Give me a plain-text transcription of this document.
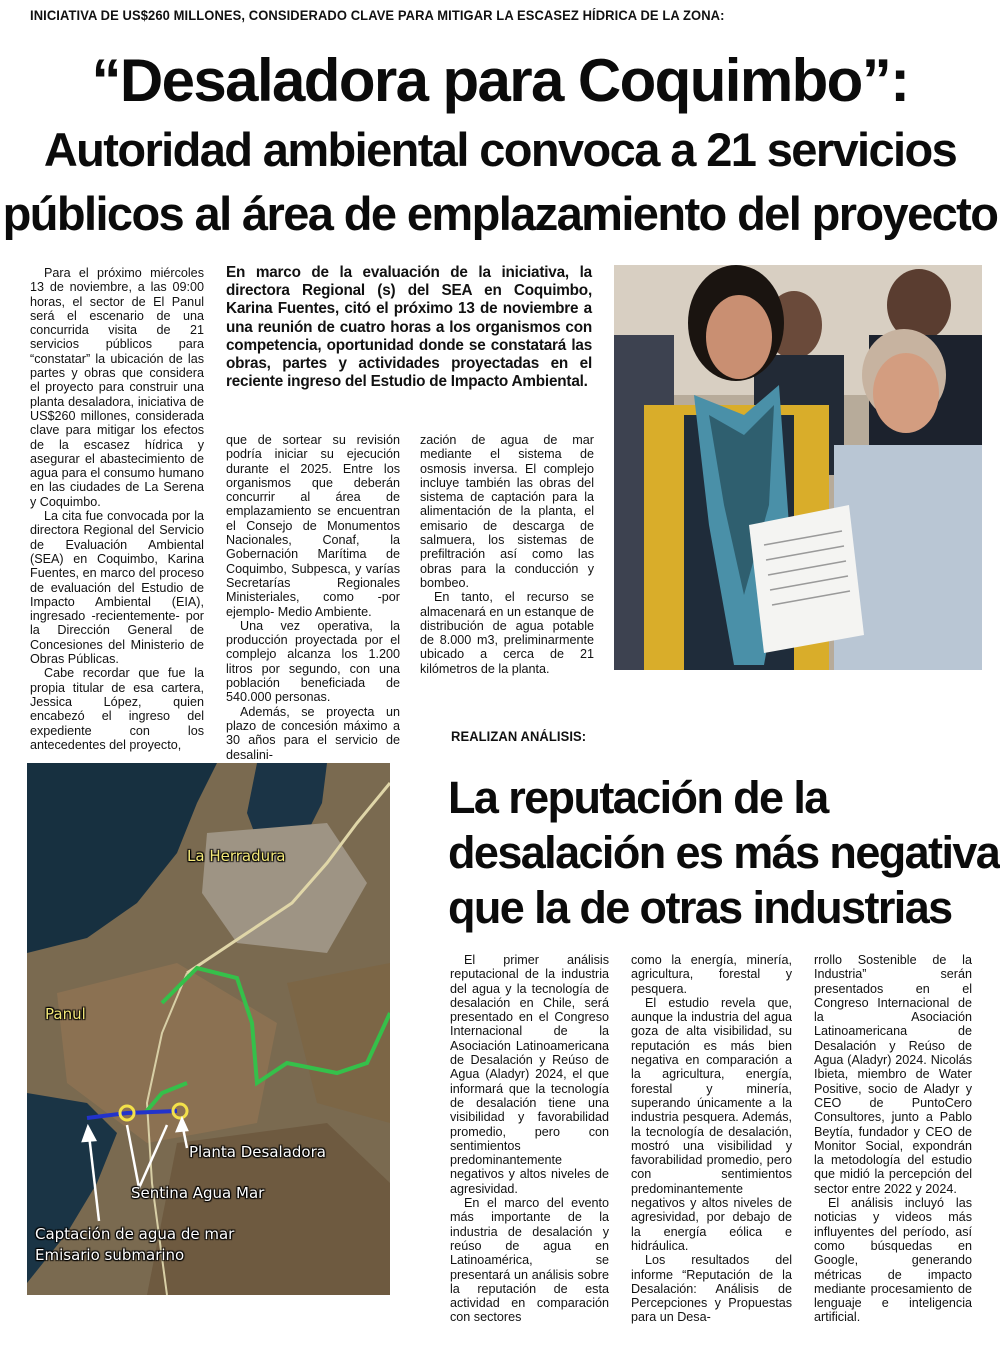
INICIATIVA DE US$260 MILLONES, CONSIDERADO CLAVE PARA MITIGAR LA ESCASEZ HÍDRICA DE LA ZONA:
“Desaladora para Coquimbo”:
Autoridad ambiental convoca a 21 servicios
públicos al área de emplazamiento del proyecto

Para el próximo miércoles 13 de noviembre, a las 09:00 horas, el sector de El Panul será el escenario de una concurrida visita de 21 servicios públicos para “constatar” la ubicación de las partes y obras que considera el proyecto para construir una planta desaladora, iniciativa de US$260 millones, considerada clave para mitigar los efectos de la escasez hídrica y asegurar el abastecimiento de agua para el consumo humano en las ciudades de La Serena y Coquimbo.

La cita fue convocada por la directora Regional del Servicio de Evaluación Ambiental (SEA) en Coquimbo, Karina Fuentes, en marco del proceso de evaluación del Estudio de Impacto Ambiental (EIA), ingresado -recientemente- por la Dirección General de Concesiones del Ministerio de Obras Públicas.

Cabe recordar que fue la propia titular de esa cartera, Jessica López, quien encabezó el ingreso del expediente con los antecedentes del proyecto,

En marco de la evaluación de la iniciativa, la directora Regional (s) del SEA en Coquimbo, Karina Fuentes, citó el próximo 13 de noviembre a una reunión de cuatro horas a los organismos con competencia, oportunidad donde se constatará las obras, partes y actividades proyectadas en el reciente ingreso del Estudio de Impacto Ambiental.

que de sortear su revisión podría iniciar su ejecución durante el 2025. Entre los organismos que deberán concurrir al área de emplazamiento se encuentran el Consejo de Monumentos Nacionales, Conaf, la Gobernación Marítima de Coquimbo, Subpesca, y varías Secretarías Regionales Ministeriales, como -por ejemplo- Medio Ambiente.

Una vez operativa, la producción proyectada por el complejo alcanza los 1.200 litros por segundo, con una población beneficiada de 540.000 personas.

Además, se proyecta un plazo de concesión máximo a 30 años para el servicio de desalini-

zación de agua de mar mediante el sistema de osmosis inversa. El complejo incluye también las obras del sistema de captación para la alimentación de la planta, el emisario de descarga de salmuera, los sistemas de prefiltración así como las obras para la conducción y bombeo.

En tanto, el recurso se almacenará en un estanque de distribución de agua potable de 8.000 m3, preliminarmente ubicado a cerca de 21 kilómetros de la planta.

La Herradura
Panul
Planta Desaladora
Sentina Agua Mar
Captación de agua de mar
Emisario submarino
REALIZAN ANÁLISIS:
La reputación de la
desalación es más negativa
que la de otras industrias

El primer análisis reputacional de la industria del agua y la tecnología de desalación en Chile, será presentado en el Congreso Internacional de la Asociación Latinoamericana de Desalación y Reúso de Agua (Aladyr) 2024, el que informará que la tecnología de desalación tiene una visibilidad y favorabilidad promedio, pero con sentimientos predominantemente negativos y altos niveles de agresividad.

En el marco del evento más importante de la industria de desalación y reúso de agua en Latinoamérica, se presentará un análisis sobre la reputación de esta actividad en comparación con sectores

como la energía, minería, agricultura, forestal y pesquera.

El estudio revela que, aunque la industria del agua goza de alta visibilidad, su reputación es más bien negativa en comparación a la agricultura, energía, forestal y minería, superando únicamente a la industria pesquera. Además, la tecnología de desalación, mostró una visibilidad y favorabilidad promedio, pero con sentimientos predominantemente negativos y altos niveles de agresividad, por debajo de la energía eólica e hidráulica.

Los resultados del informe “Reputación de la Desalación: Análisis de Percepciones y Propuestas para un Desa-

rrollo Sostenible de la Industria” serán presentados en el Congreso Internacional de la Asociación Latinoamericana de Desalación y Reúso de Agua (Aladyr) 2024. Nicolás Ibieta, miembro de Water Positive, socio de Aladyr y CEO de PuntoCero Consultores, junto a Pablo Beytía, fundador y CEO de Monitor Social, expondrán la metodología del estudio que midió la percepción del sector entre 2022 y 2024.

El análisis incluyó las noticias y videos más influyentes del período, así como búsquedas en Google, generando métricas de impacto mediante procesamiento de lenguaje e inteligencia artificial.
